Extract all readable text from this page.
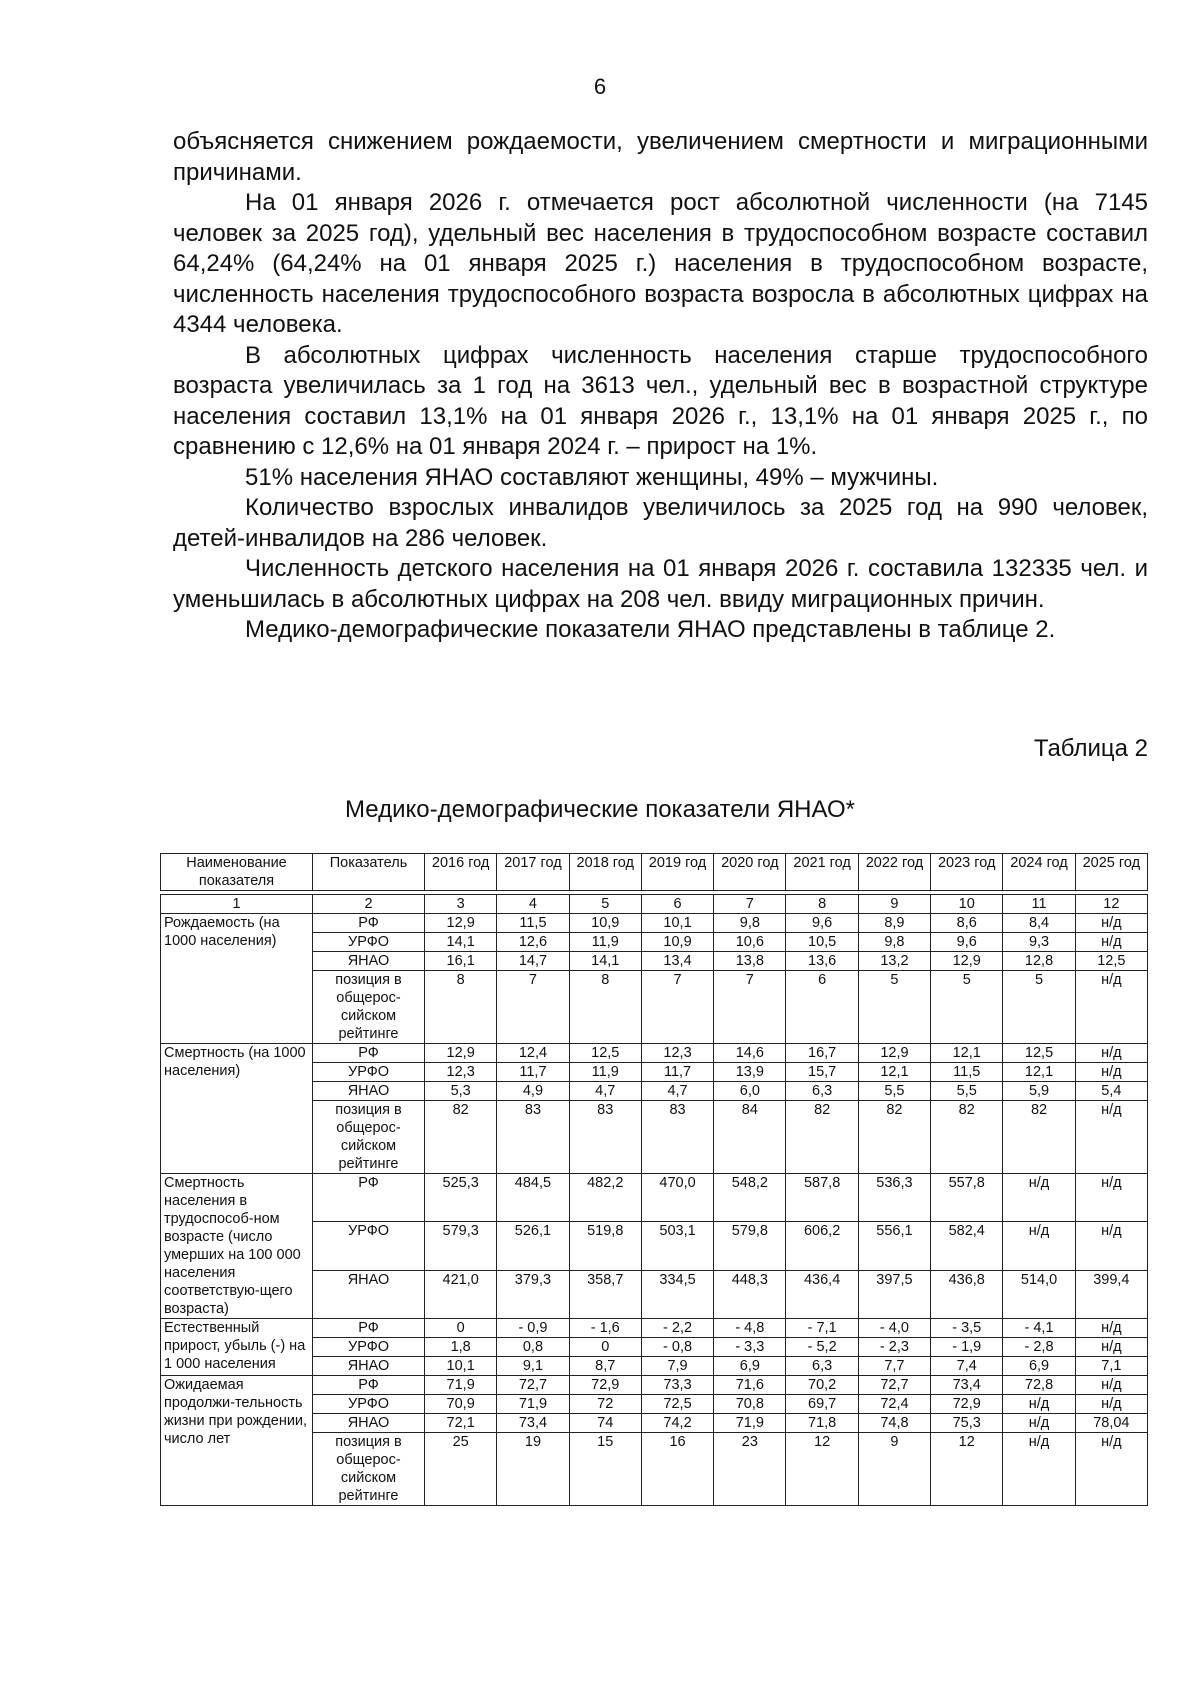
6

объясняется снижением рождаемости, увеличением смертности и миграционными причинами.

На 01 января 2026 г. отмечается рост абсолютной численности (на 7145 человек за 2025 год), удельный вес населения в трудоспособном возрасте составил 64,24% (64,24% на 01 января 2025 г.) населения в трудоспособном возрасте, численность населения трудоспособного возраста возросла в абсолютных цифрах на 4344 человека.

В абсолютных цифрах численность населения старше трудоспособного возраста увеличилась за 1 год на 3613 чел., удельный вес в возрастной структуре населения составил 13,1% на 01 января 2026 г., 13,1% на 01 января 2025 г., по сравнению с 12,6% на 01 января 2024 г. – прирост на 1%.

51% населения ЯНАО составляют женщины, 49% – мужчины.

Количество взрослых инвалидов увеличилось за 2025 год на 990 человек, детей-инвалидов на 286 человек.

Численность детского населения на 01 января 2026 г. составила 132335 чел. и уменьшилась в абсолютных цифрах на 208 чел. ввиду миграционных причин.

Медико-демографические показатели ЯНАО представлены в таблице 2.

Таблица 2
Медико-демографические показатели ЯНАО*
Наименование показателя	Показатель	2016 год	2017 год	2018 год	2019 год	2020 год	2021 год	2022 год	2023 год	2024 год	2025 год

1	2	3	4	5	6	7	8	9	10	11	12
Рождаемость (на 1000 населения)	РФ	12,9	11,5	10,9	10,1	9,8	9,6	8,9	8,6	8,4	н/д
	УРФО	14,1	12,6	11,9	10,9	10,6	10,5	9,8	9,6	9,3	н/д
	ЯНАО	16,1	14,7	14,1	13,4	13,8	13,6	13,2	12,9	12,8	12,5
	позиция в общерос-сийском рейтинге	8	7	8	7	7	6	5	5	5	н/д
Смертность (на 1000 населения)	РФ	12,9	12,4	12,5	12,3	14,6	16,7	12,9	12,1	12,5	н/д
	УРФО	12,3	11,7	11,9	11,7	13,9	15,7	12,1	11,5	12,1	н/д
	ЯНАО	5,3	4,9	4,7	4,7	6,0	6,3	5,5	5,5	5,9	5,4
	позиция в общерос-сийском рейтинге	82	83	83	83	84	82	82	82	82	н/д
Смертность населения в трудоспособ-ном возрасте (число умерших на 100 000 населения соответствую-щего возраста)	РФ	525,3	484,5	482,2	470,0	548,2	587,8	536,3	557,8	н/д	н/д
	УРФО	579,3	526,1	519,8	503,1	579,8	606,2	556,1	582,4	н/д	н/д
	ЯНАО	421,0	379,3	358,7	334,5	448,3	436,4	397,5	436,8	514,0	399,4
Естественный прирост, убыль (-) на 1 000 населения	РФ	0	- 0,9	- 1,6	- 2,2	- 4,8	- 7,1	- 4,0	- 3,5	- 4,1	н/д
	УРФО	1,8	0,8	0	- 0,8	- 3,3	- 5,2	- 2,3	- 1,9	- 2,8	н/д
	ЯНАО	10,1	9,1	8,7	7,9	6,9	6,3	7,7	7,4	6,9	7,1
Ожидаемая продолжи-тельность жизни при рождении, число лет	РФ	71,9	72,7	72,9	73,3	71,6	70,2	72,7	73,4	72,8	н/д
	УРФО	70,9	71,9	72	72,5	70,8	69,7	72,4	72,9	н/д	н/д
	ЯНАО	72,1	73,4	74	74,2	71,9	71,8	74,8	75,3	н/д	78,04
	позиция в общерос-сийском рейтинге	25	19	15	16	23	12	9	12	н/д	н/д
